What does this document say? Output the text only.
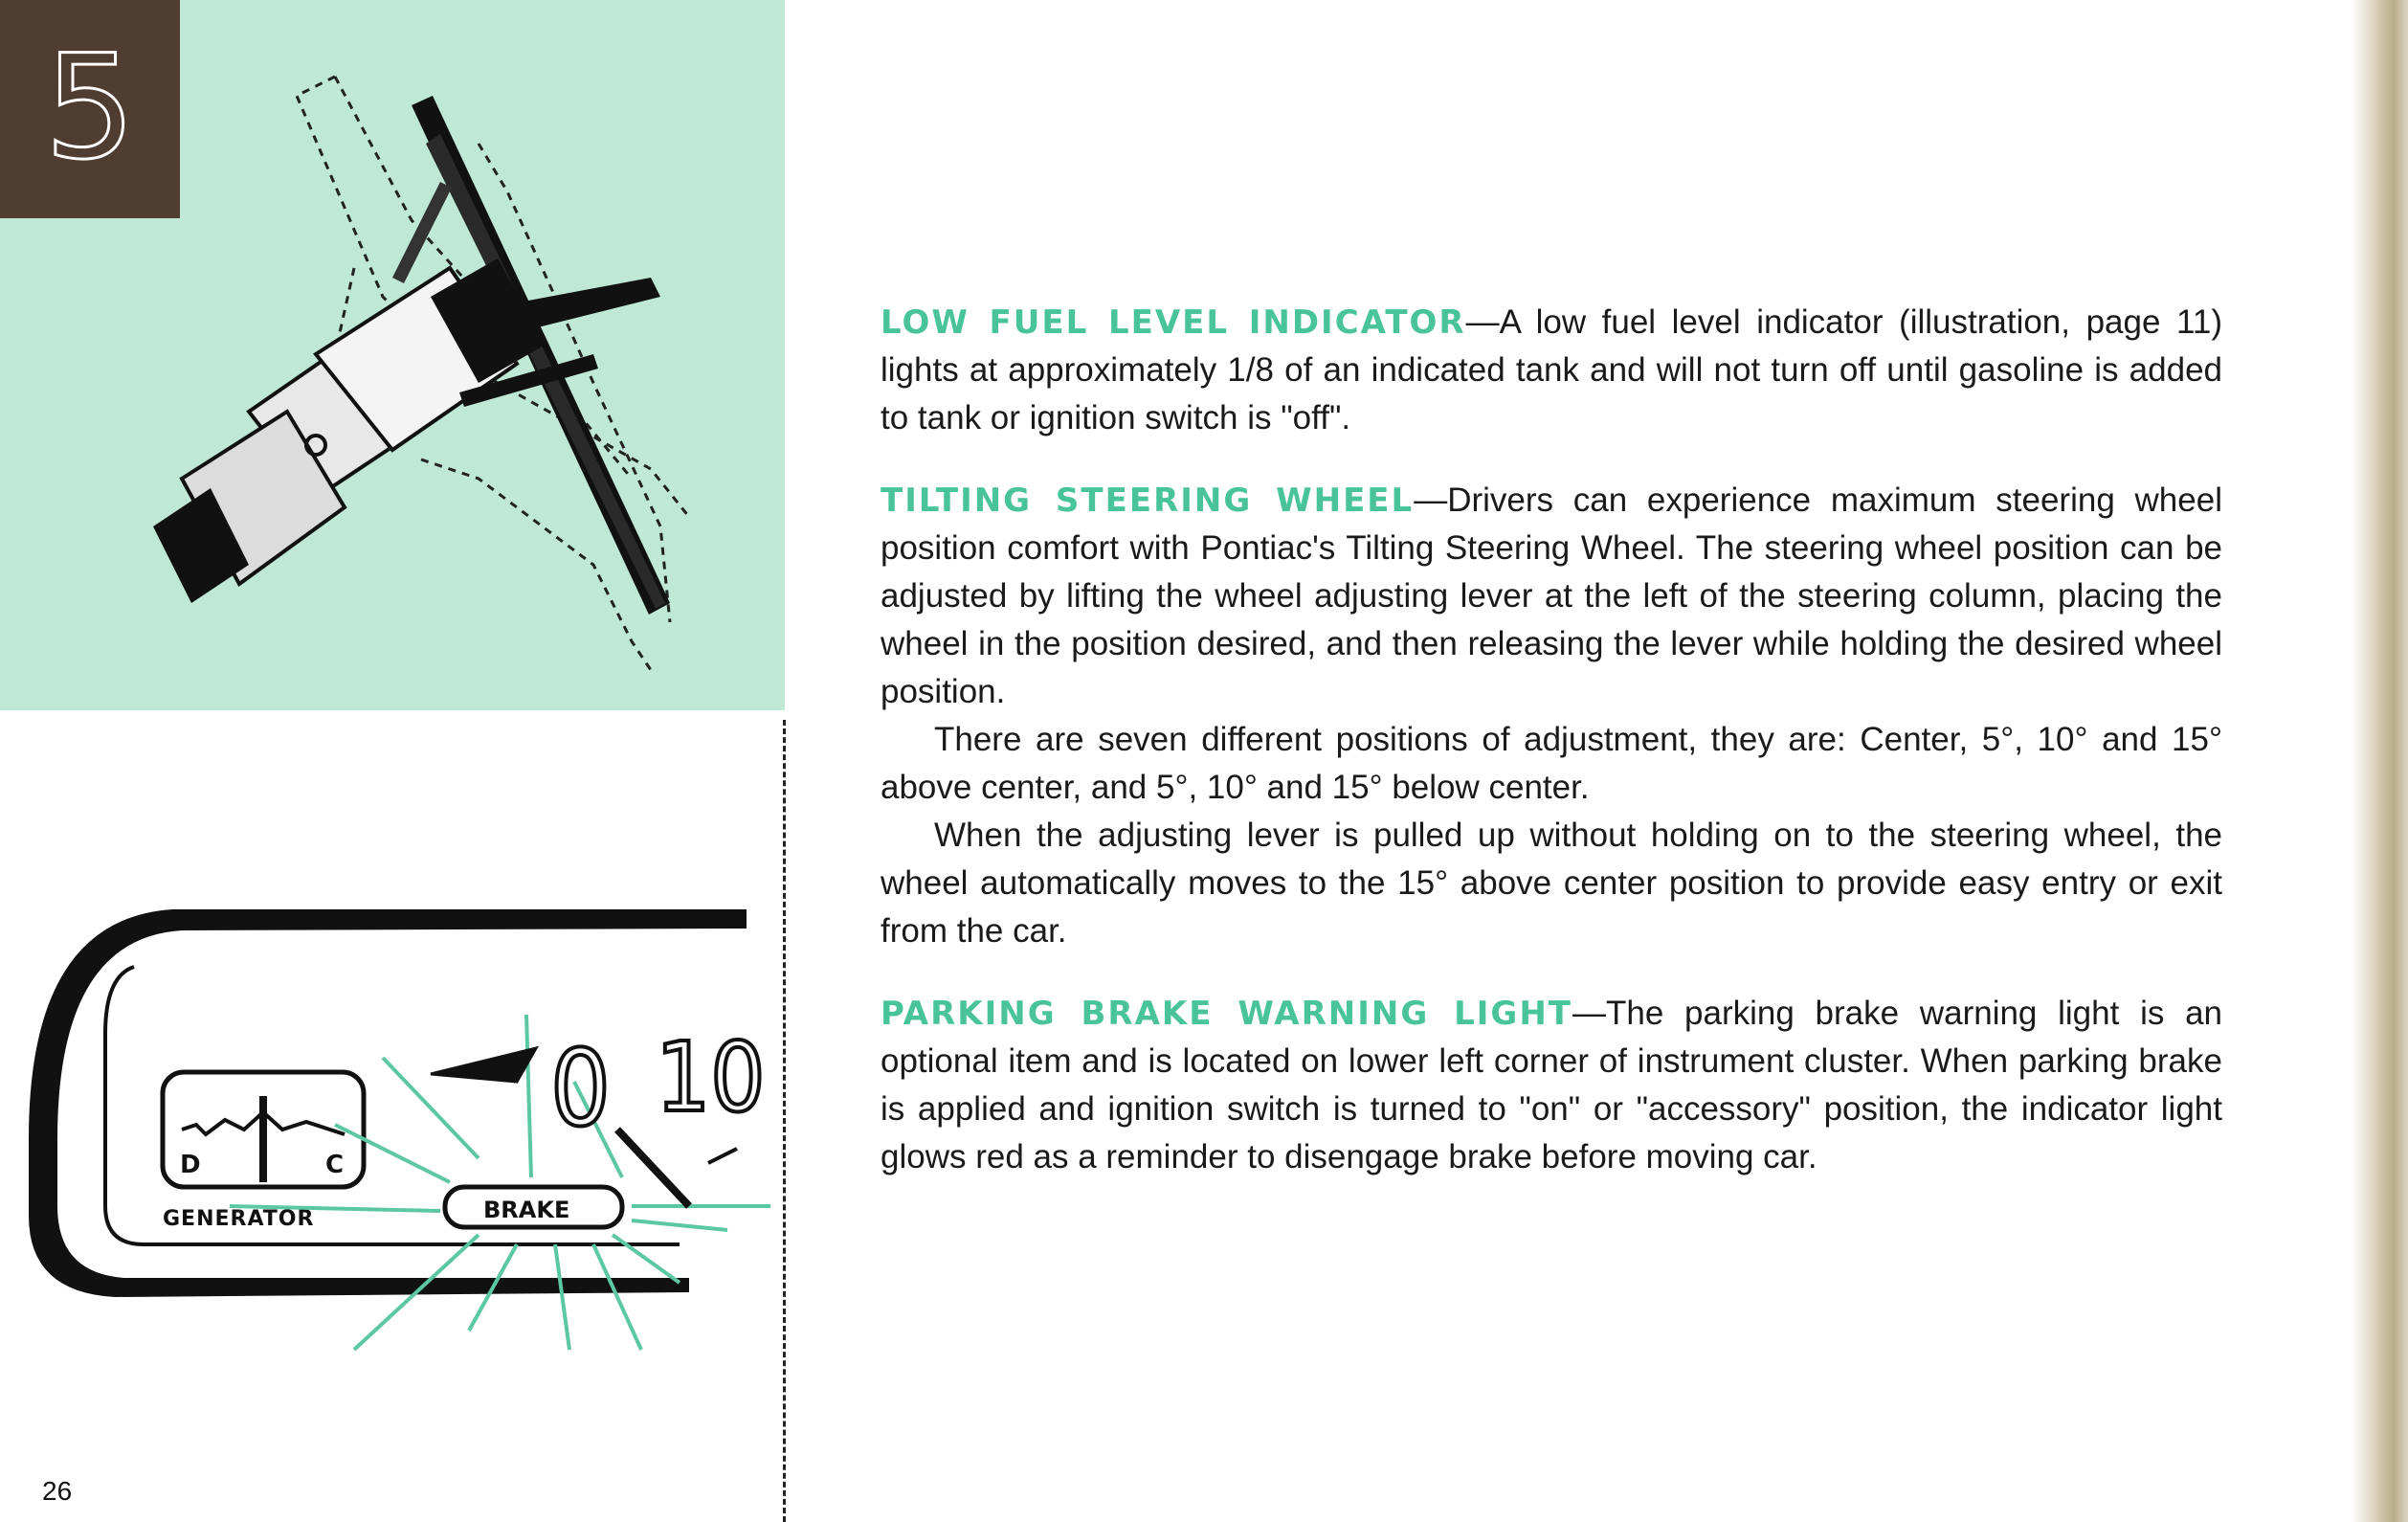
5
D	C
GENERATOR	BRAKE
0 10
26

LOW FUEL LEVEL INDICATOR—A low fuel level indicator (illustration, page 11) lights at approximately 1/8 of an indicated tank and will not turn off until gasoline is added to tank or ignition switch is "off".

TILTING STEERING WHEEL—Drivers can experience maximum steering wheel position comfort with Pontiac's Tilting Steering Wheel. The steering wheel position can be adjusted by lifting the wheel adjusting lever at the left of the steering column, placing the wheel in the position desired, and then releasing the lever while holding the desired wheel position.

There are seven different positions of adjustment, they are: Center, 5°, 10° and 15° above center, and 5°, 10° and 15° below center.

When the adjusting lever is pulled up without holding on to the steering wheel, the wheel automatically moves to the 15° above center position to provide easy entry or exit from the car.

PARKING BRAKE WARNING LIGHT—The parking brake warning light is an optional item and is located on lower left corner of instrument cluster. When parking brake is applied and ignition switch is turned to "on" or "accessory" position, the indicator light glows red as a reminder to disengage brake before moving car.
